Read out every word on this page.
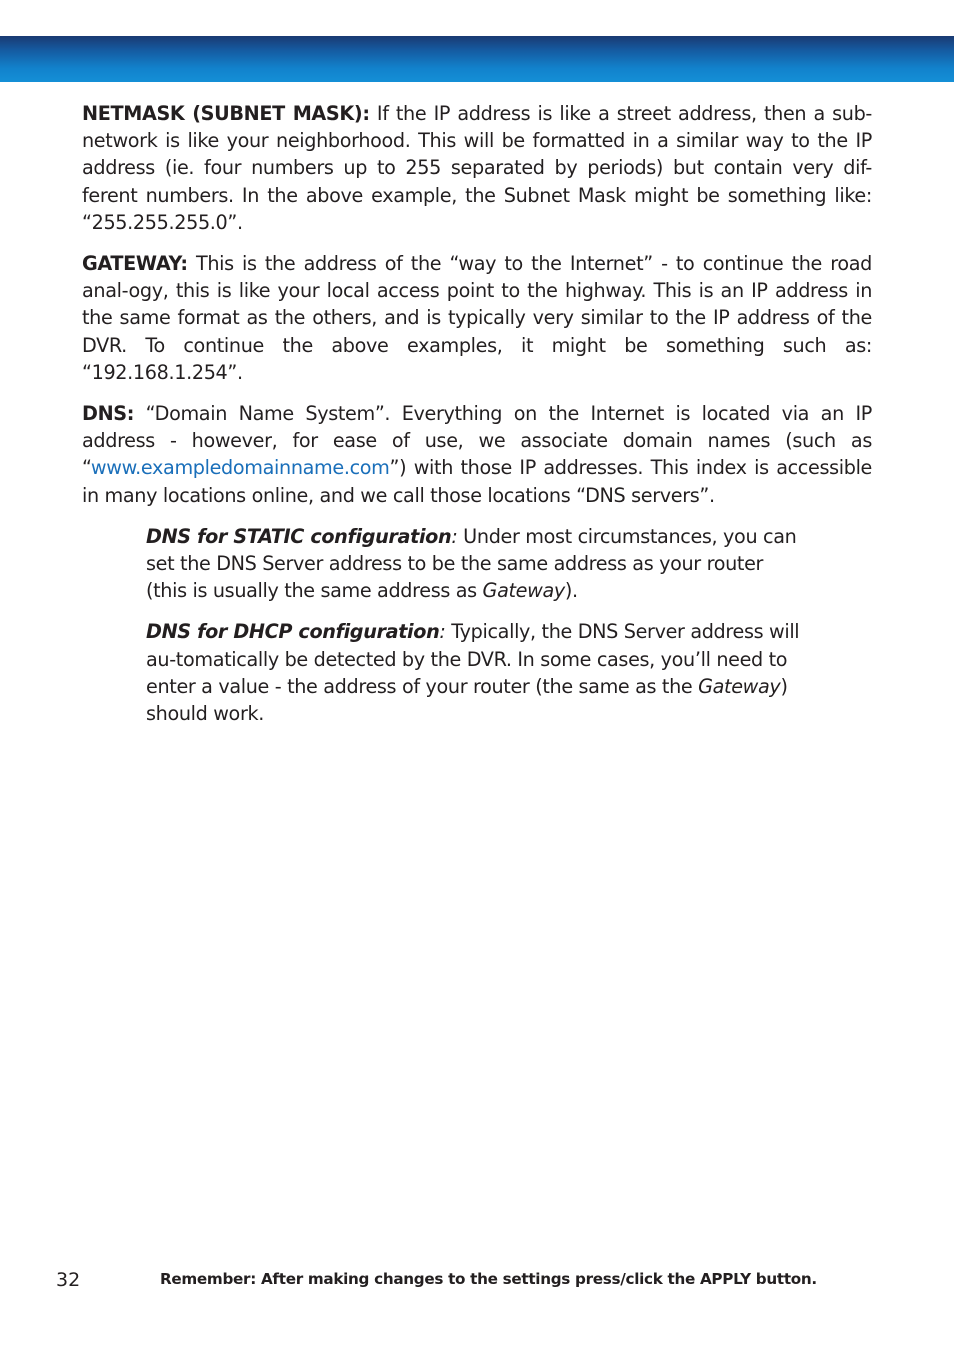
NETMASK (SUBNET MASK): If the IP address is like a street address, then a sub-network is like your neighborhood. This will be formatted in a similar way to the IP address (ie. four numbers up to 255 separated by periods) but contain very dif-ferent numbers. In the above example, the Subnet Mask might be something like: “255.255.255.0”.

GATEWAY: This is the address of the “way to the Internet” - to continue the road anal-ogy, this is like your local access point to the highway. This is an IP address in the same format as the others, and is typically very similar to the IP address of the DVR. To continue the above examples, it might be something such as: “192.168.1.254”.

DNS: “Domain Name System”. Everything on the Internet is located via an IP address - however, for ease of use, we associate domain names (such as “www.exampledomainname.com”) with those IP addresses. This index is accessible in many locations online, and we call those locations “DNS servers”.

DNS for STATIC configuration: Under most circumstances, you can set the DNS Server address to be the same address as your router (this is usually the same address as Gateway).

DNS for DHCP configuration: Typically, the DNS Server address will au-tomatically be detected by the DVR. In some cases, you’ll need to enter a value - the address of your router (the same as the Gateway) should work.

32	Remember: After making changes to the settings press/click the APPLY button.
